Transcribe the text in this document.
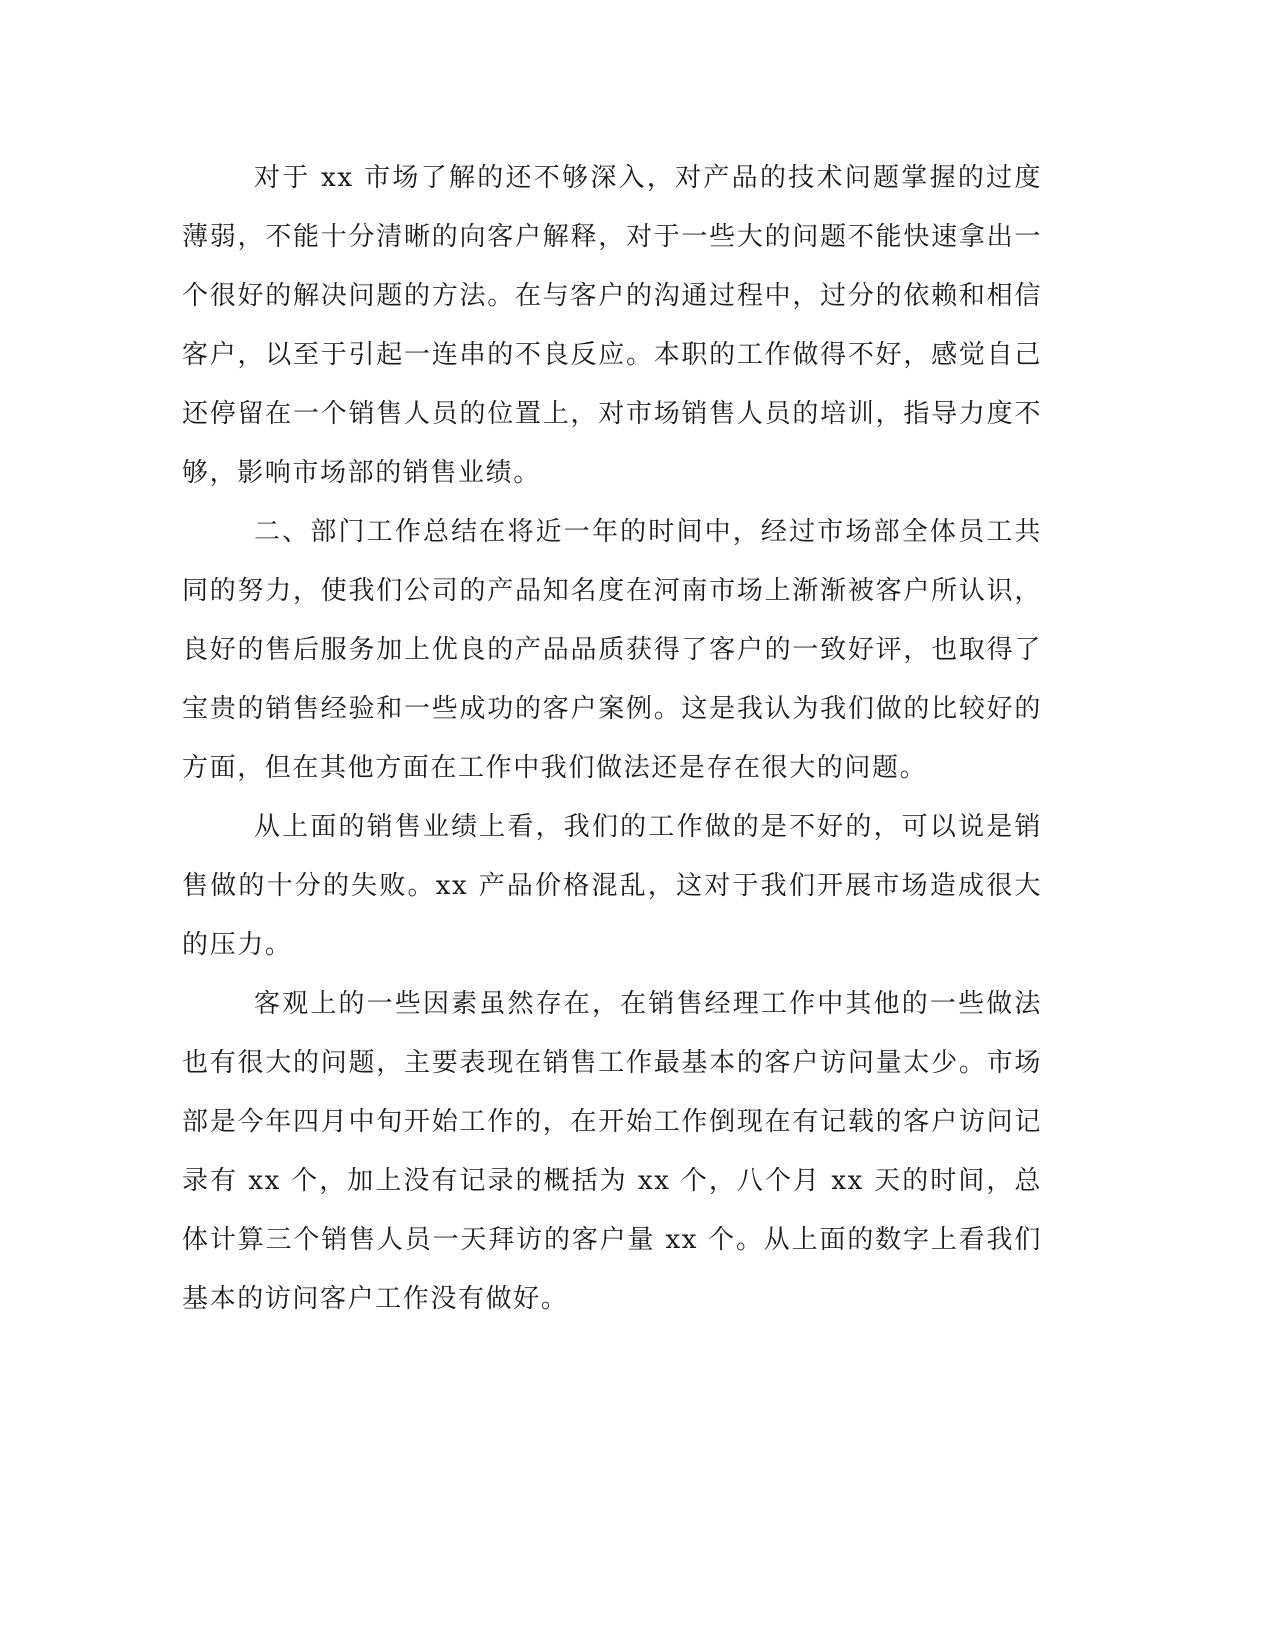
对于 xx 市场了解的还不够深入，对产品的技术问题掌握的过度薄弱，不能十分清晰的向客户解释，对于一些大的问题不能快速拿出一个很好的解决问题的方法。在与客户的沟通过程中，过分的依赖和相信客户，以至于引起一连串的不良反应。本职的工作做得不好，感觉自己还停留在一个销售人员的位置上，对市场销售人员的培训，指导力度不够，影响市场部的销售业绩。

二、部门工作总结在将近一年的时间中，经过市场部全体员工共同的努力，使我们公司的产品知名度在河南市场上渐渐被客户所认识，良好的售后服务加上优良的产品品质获得了客户的一致好评，也取得了宝贵的销售经验和一些成功的客户案例。这是我认为我们做的比较好的方面，但在其他方面在工作中我们做法还是存在很大的问题。

从上面的销售业绩上看，我们的工作做的是不好的，可以说是销售做的十分的失败。xx 产品价格混乱，这对于我们开展市场造成很大的压力。

客观上的一些因素虽然存在，在销售经理工作中其他的一些做法也有很大的问题，主要表现在销售工作最基本的客户访问量太少。市场部是今年四月中旬开始工作的，在开始工作倒现在有记载的客户访问记录有 xx 个，加上没有记录的概括为 xx 个，八个月 xx 天的时间，总体计算三个销售人员一天拜访的客户量 xx 个。从上面的数字上看我们基本的访问客户工作没有做好。
